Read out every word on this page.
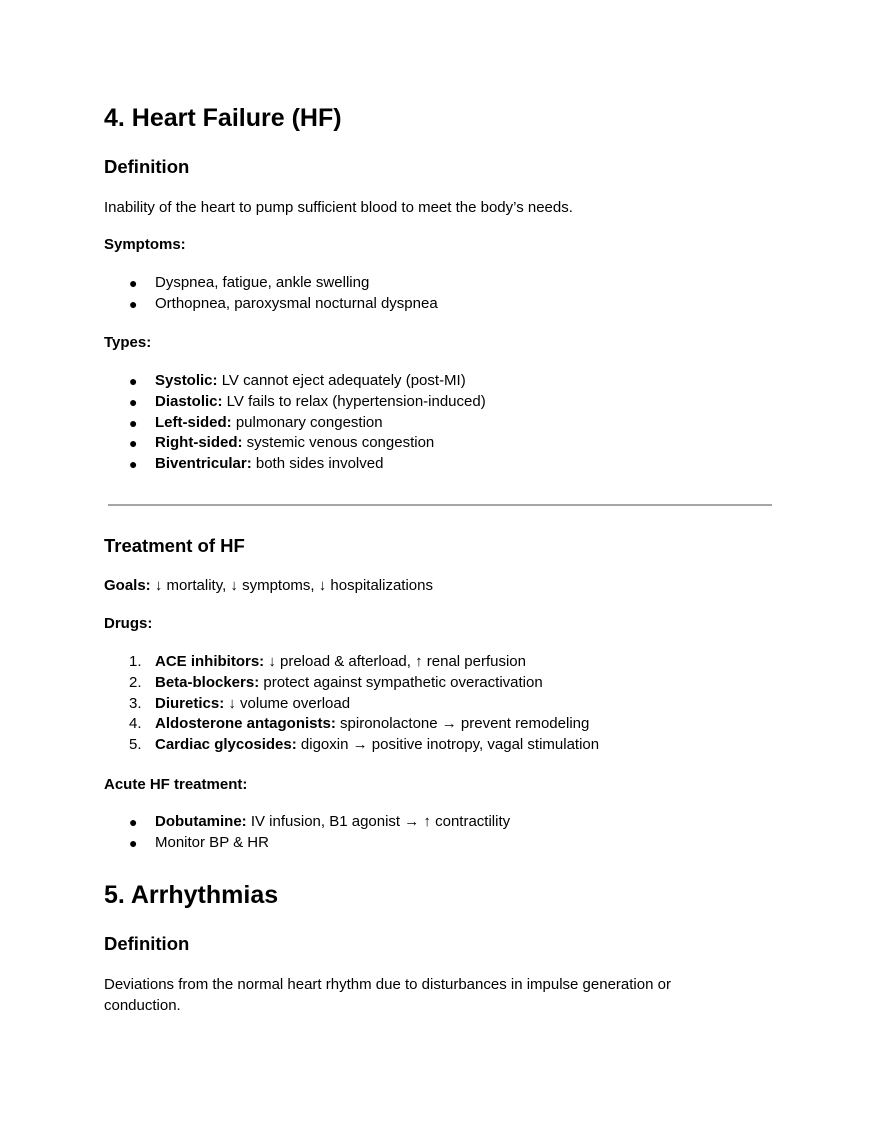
4. Heart Failure (HF)
Definition

Inability of the heart to pump sufficient blood to meet the body’s needs.

Symptoms:

● Dyspnea, fatigue, ankle swelling
● Orthopnea, paroxysmal nocturnal dyspnea

Types:

● Systolic: LV cannot eject adequately (post-MI)
● Diastolic: LV fails to relax (hypertension-induced)
● Left-sided: pulmonary congestion
● Right-sided: systemic venous congestion
● Biventricular: both sides involved
Treatment of HF

Goals: ↓ mortality, ↓ symptoms, ↓ hospitalizations

Drugs:

1. ACE inhibitors: ↓ preload & afterload, ↑ renal perfusion
2. Beta-blockers: protect against sympathetic overactivation
3. Diuretics: ↓ volume overload
4. Aldosterone antagonists: spironolactone → prevent remodeling
5. Cardiac glycosides: digoxin → positive inotropy, vagal stimulation

Acute HF treatment:

● Dobutamine: IV infusion, B1 agonist → ↑ contractility
● Monitor BP & HR
5. Arrhythmias
Definition

Deviations from the normal heart rhythm due to disturbances in impulse generation or
conduction.
